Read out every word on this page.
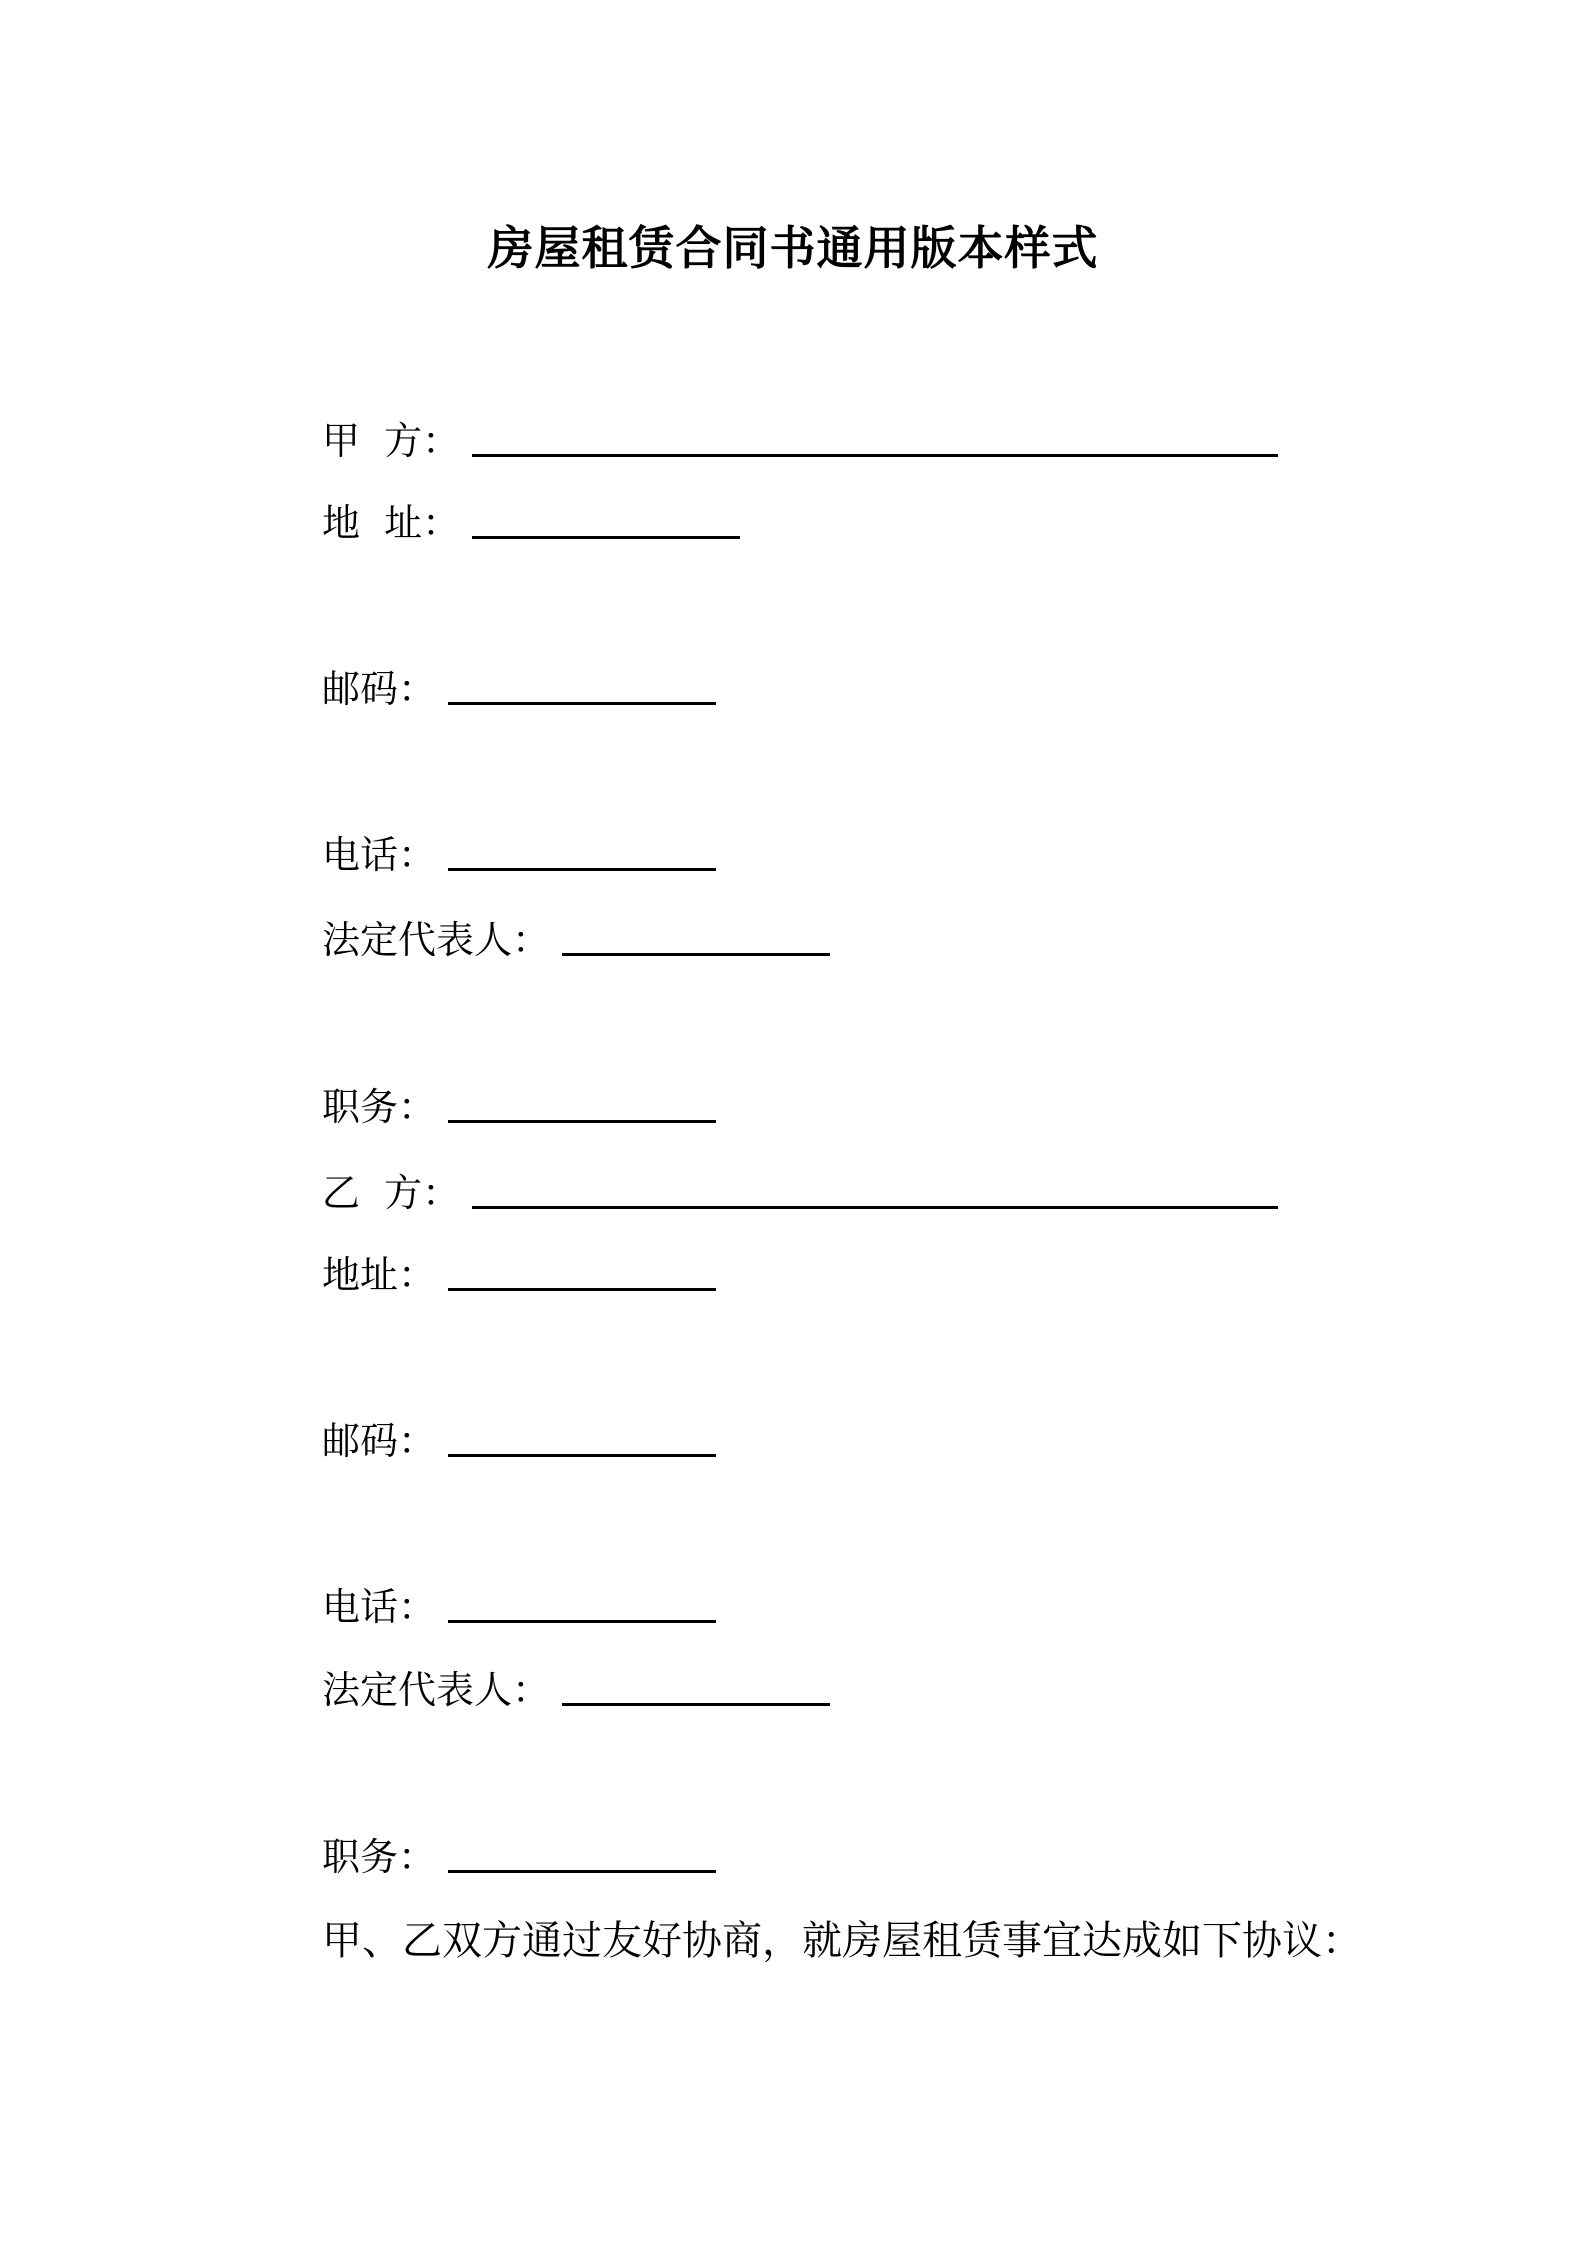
房屋租赁合同书通用版本样式
甲  方：
地  址：
邮码：
电话：
法定代表人：
职务：
乙  方：
地址：
邮码：
电话：
法定代表人：
职务：
甲、乙双方通过友好协商，就房屋租赁事宜达成如下协议：
